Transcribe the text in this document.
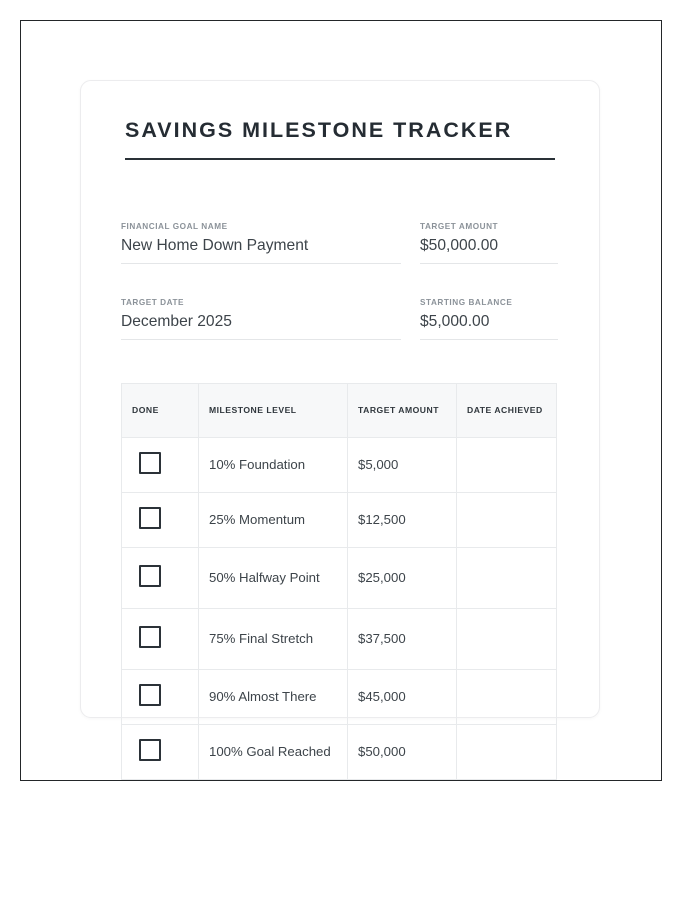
SAVINGS MILESTONE TRACKER
FINANCIAL GOAL NAME
New Home Down Payment
TARGET AMOUNT
$50,000.00
TARGET DATE
December 2025
STARTING BALANCE
$5,000.00
DONE	MILESTONE LEVEL	TARGET AMOUNT	DATE ACHIEVED
	10% Foundation	$5,000	
	25% Momentum	$12,500	
	50% Halfway Point	$25,000	
	75% Final Stretch	$37,500	
	90% Almost There	$45,000	
	100% Goal Reached	$50,000	
